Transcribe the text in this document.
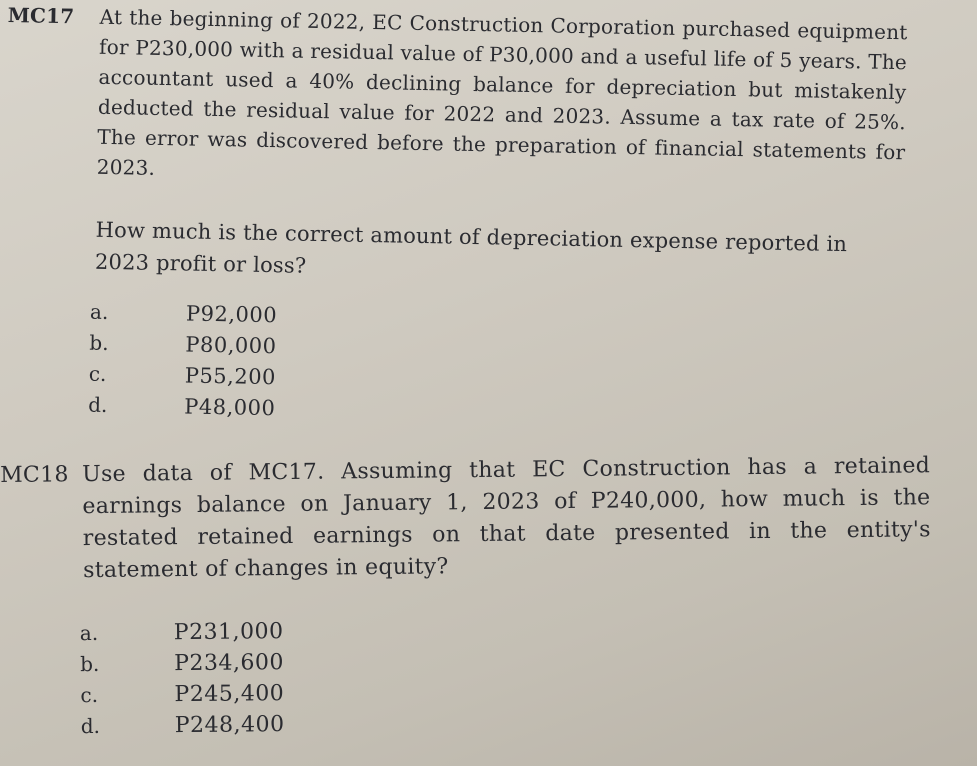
MC17 At the beginning of 2022, EC Construction Corporation purchased equipment for P230,000 with a residual value of P30,000 and a useful life of 5 years. The accountant used a 40% declining balance for depreciation but mistakenly deducted the residual value for 2022 and 2023. Assume a tax rate of 25%. The error was discovered before the preparation of financial statements for 2023.
How much is the correct amount of depreciation expense reported in 2023 profit or loss?
a.	P92,000
b.	P80,000
c.	P55,200
d.	P48,000
MC18 Use data of MC17. Assuming that EC Construction has a retained earnings balance on January 1, 2023 of P240,000, how much is the restated retained earnings on that date presented in the entity's statement of changes in equity?
a.	P231,000
b.	P234,600
c.	P245,400
d.	P248,400
